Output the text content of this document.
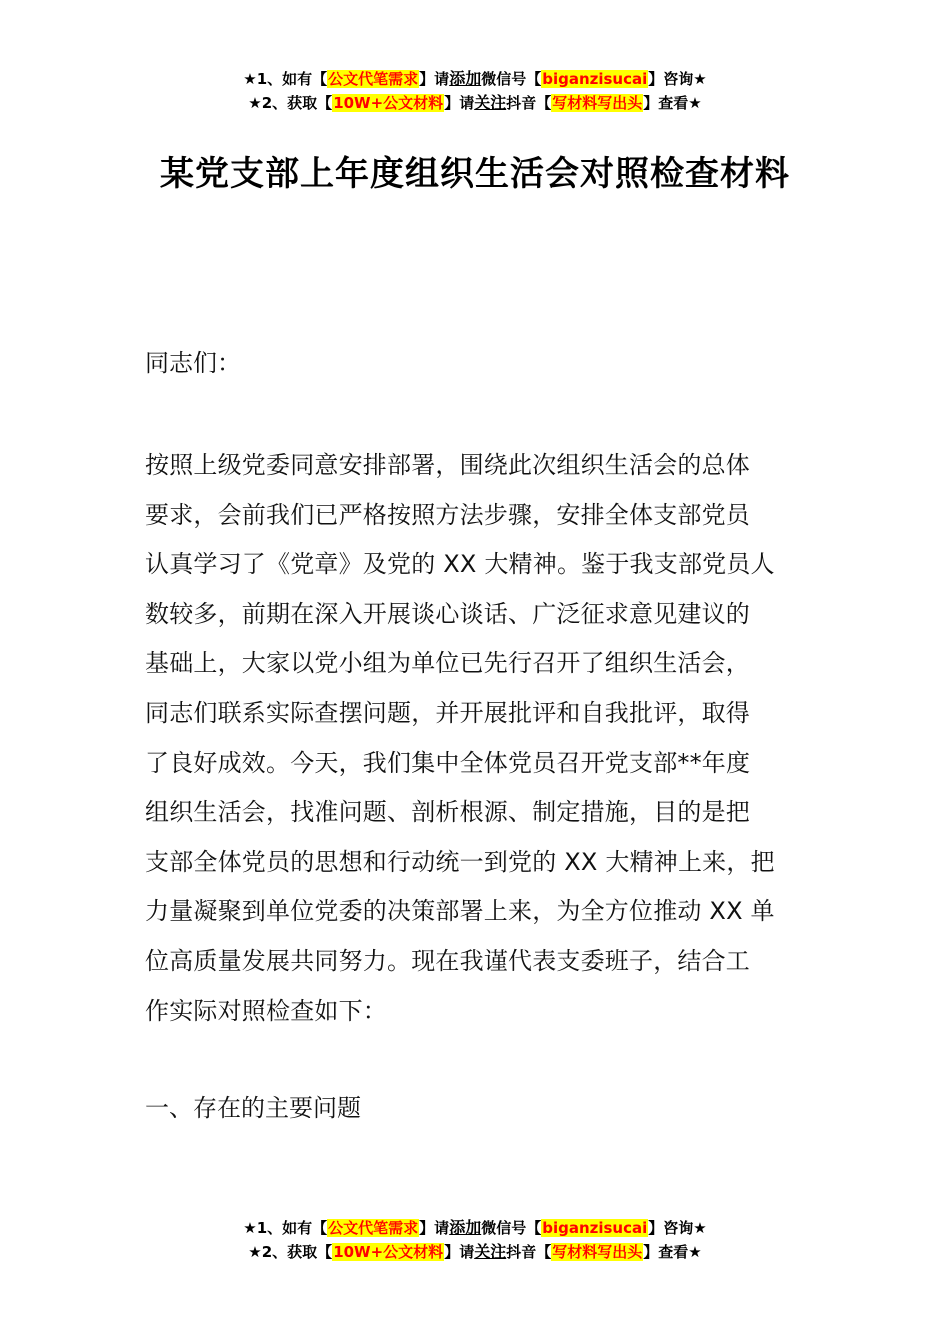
★1、如有【公文代笔需求】请添加微信号【biganzisucai】咨询★
★2、获取【10W+公文材料】请关注抖音【写材料写出头】查看★
某党支部上年度组织生活会对照检查材料
同志们：
按照上级党委同意安排部署，围绕此次组织生活会的总体
要求，会前我们已严格按照方法步骤，安排全体支部党员
认真学习了《党章》及党的 XX 大精神。鉴于我支部党员人
数较多，前期在深入开展谈心谈话、广泛征求意见建议的
基础上，大家以党小组为单位已先行召开了组织生活会，
同志们联系实际查摆问题，并开展批评和自我批评，取得
了良好成效。今天，我们集中全体党员召开党支部**年度
组织生活会，找准问题、剖析根源、制定措施，目的是把
支部全体党员的思想和行动统一到党的 XX 大精神上来，把
力量凝聚到单位党委的决策部署上来，为全方位推动 XX 单
位高质量发展共同努力。现在我谨代表支委班子，结合工
作实际对照检查如下：
一、存在的主要问题
★1、如有【公文代笔需求】请添加微信号【biganzisucai】咨询★
★2、获取【10W+公文材料】请关注抖音【写材料写出头】查看★
